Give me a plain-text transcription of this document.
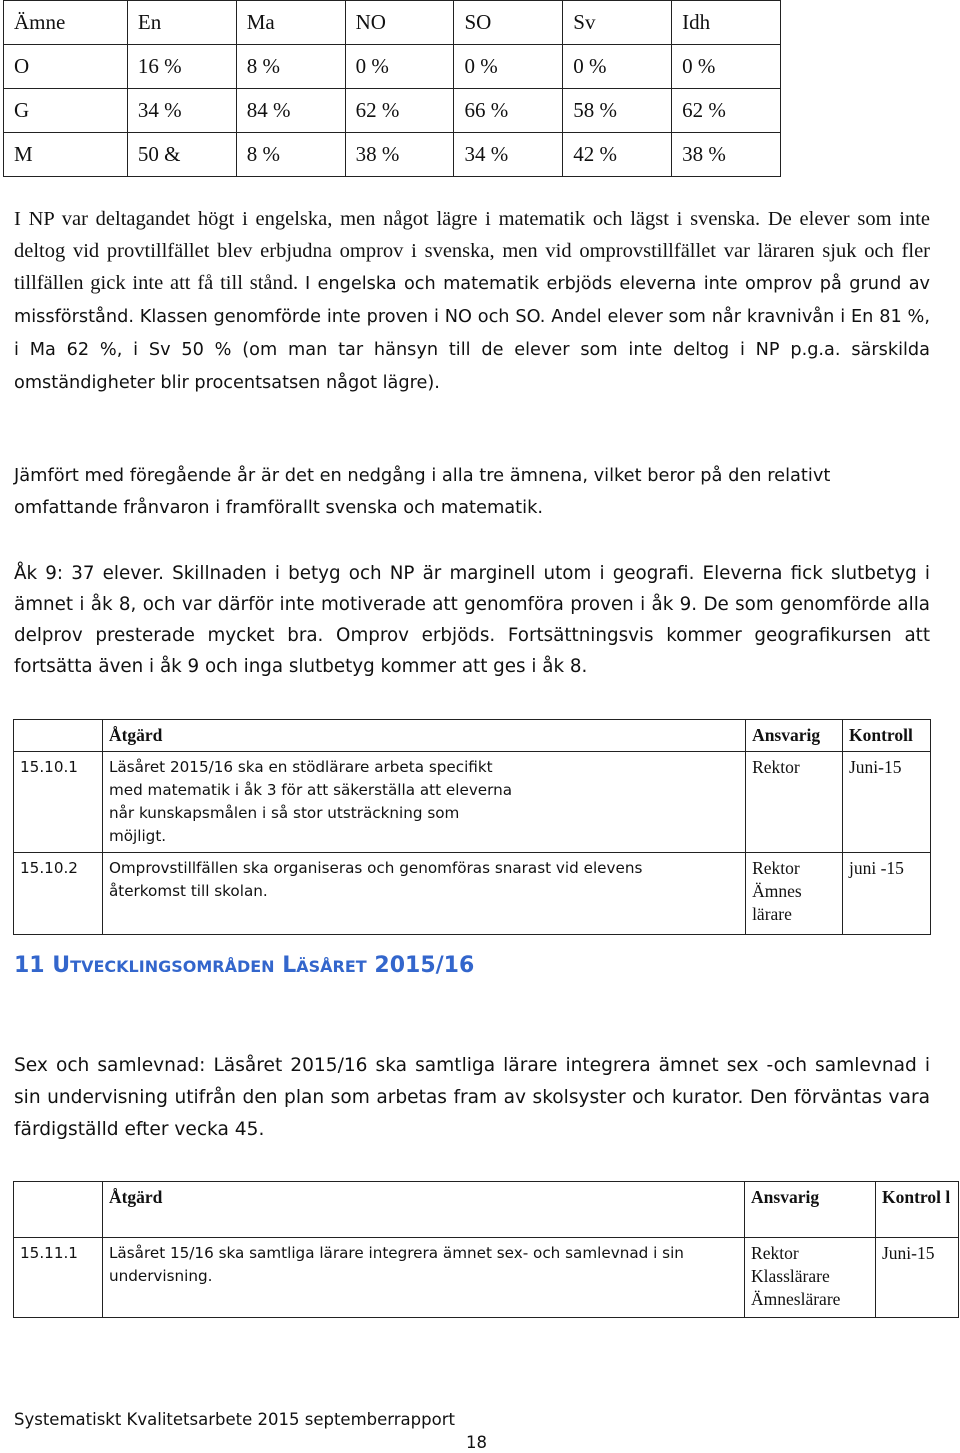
Ämne	En	Ma	NO	SO	Sv	Idh
O	16 %	8 %	0 %	0 %	0 %	0 %
G	34 %	84 %	62 %	66 %	58 %	62 %
M	50 &	8 %	38 %	34 %	42 %	38 %

I NP var deltagandet högt i engelska, men något lägre i matematik och lägst i svenska. De elever som inte deltog vid provtillfället blev erbjudna omprov i svenska, men vid omprovstillfället var läraren sjuk och fler tillfällen gick inte att få till stånd. I engelska och matematik erbjöds eleverna inte omprov på grund av missförstånd. Klassen genomförde inte proven i NO och SO. Andel elever som når kravnivån i En 81 %, i Ma 62 %, i Sv 50 % (om man tar hänsyn till de elever som inte deltog i NP p.g.a. särskilda omständigheter blir procentsatsen något lägre).

Jämfört med föregående år är det en nedgång i alla tre ämnena, vilket beror på den relativt omfattande frånvaron i framförallt svenska och matematik.

Åk 9: 37 elever. Skillnaden i betyg och NP är marginell utom i geografi. Eleverna fick slutbetyg i ämnet i åk 8, och var därför inte motiverade att genomföra proven i åk 9. De som genomförde alla delprov presterade mycket bra. Omprov erbjöds. Fortsättningsvis kommer geografikursen att fortsätta även i åk 9 och inga slutbetyg kommer att ges i åk 8.

	Åtgärd	Ansvarig	Kontroll
15.10.1	Läsåret 2015/16 ska en stödlärare arbeta specifikt med matematik i åk 3 för att säkerställa att eleverna når kunskapsmålen i så stor utsträckning som möjligt.	Rektor	Juni-15
15.10.2	Omprovstillfällen ska organiseras och genomföras snarast vid elevens återkomst till skolan.	Rektor Ämnes lärare	juni -15
11 UTVECKLINGSOMRÅDEN LÄSÅRET 2015/16

Sex och samlevnad: Läsåret 2015/16 ska samtliga lärare integrera ämnet sex -och samlevnad i sin undervisning utifrån den plan som arbetas fram av skolsyster och kurator. Den förväntas vara färdigställd efter vecka 45.

	Åtgärd	Ansvarig	Kontrol l
15.11.1	Läsåret 15/16 ska samtliga lärare integrera ämnet sex- och samlevnad i sin undervisning.	Rektor Klasslärare Ämneslärare	Juni-15
Systematiskt Kvalitetsarbete 2015 septemberrapport
18
